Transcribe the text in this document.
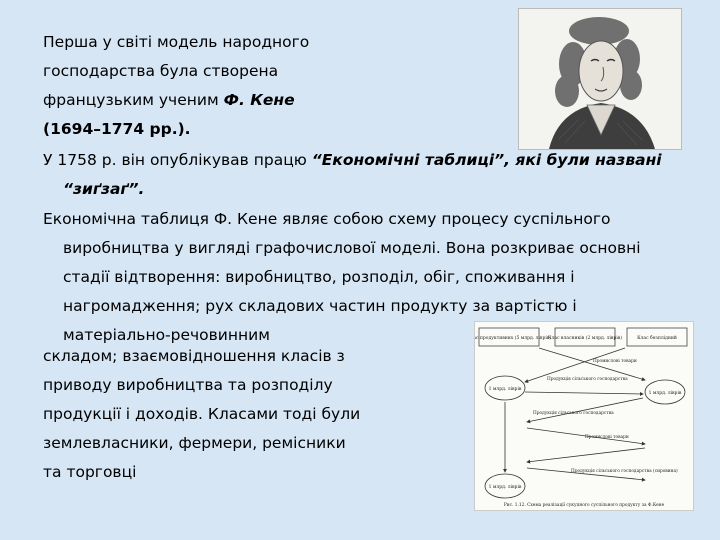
Перша у світі модель народного

господарства була створена

французьким ученим Ф. Кене

(1694–1774 рр.).

У 1758 р. він опублікував працю “Економічні таблиці”, які були названі “зиґзаґ”.

Економічна таблиця Ф. Кене являє собою схему процесу суспільного виробництва у вигляді графочислової моделі. Вона розкриває основні стадії відтворення: виробництво, розподіл, обіг, споживання і нагромадження; рух складових частин продукту за вартістю і матеріально-речовинним

складом; взаємовідношення класів з

приводу виробництва та розподілу

продукції і доходів. Класами тоді були

землевласники, фермери, ремісники

та торговці

Клас продуктивних (5 млрд. ліврів)
Клас власників (2 млрд. ліврів)	Клас безплідний
1 млрд. ліврів
1 млрд. ліврів
1 млрд. ліврів
Продукція сільського господарства
Промислові товари
Продукція сільського господарства
Промислові товари
Продукція сільського господарства (сировина)
Рис. 1.12. Схема реалізації сукупного суспільного продукту за Ф.Кене
